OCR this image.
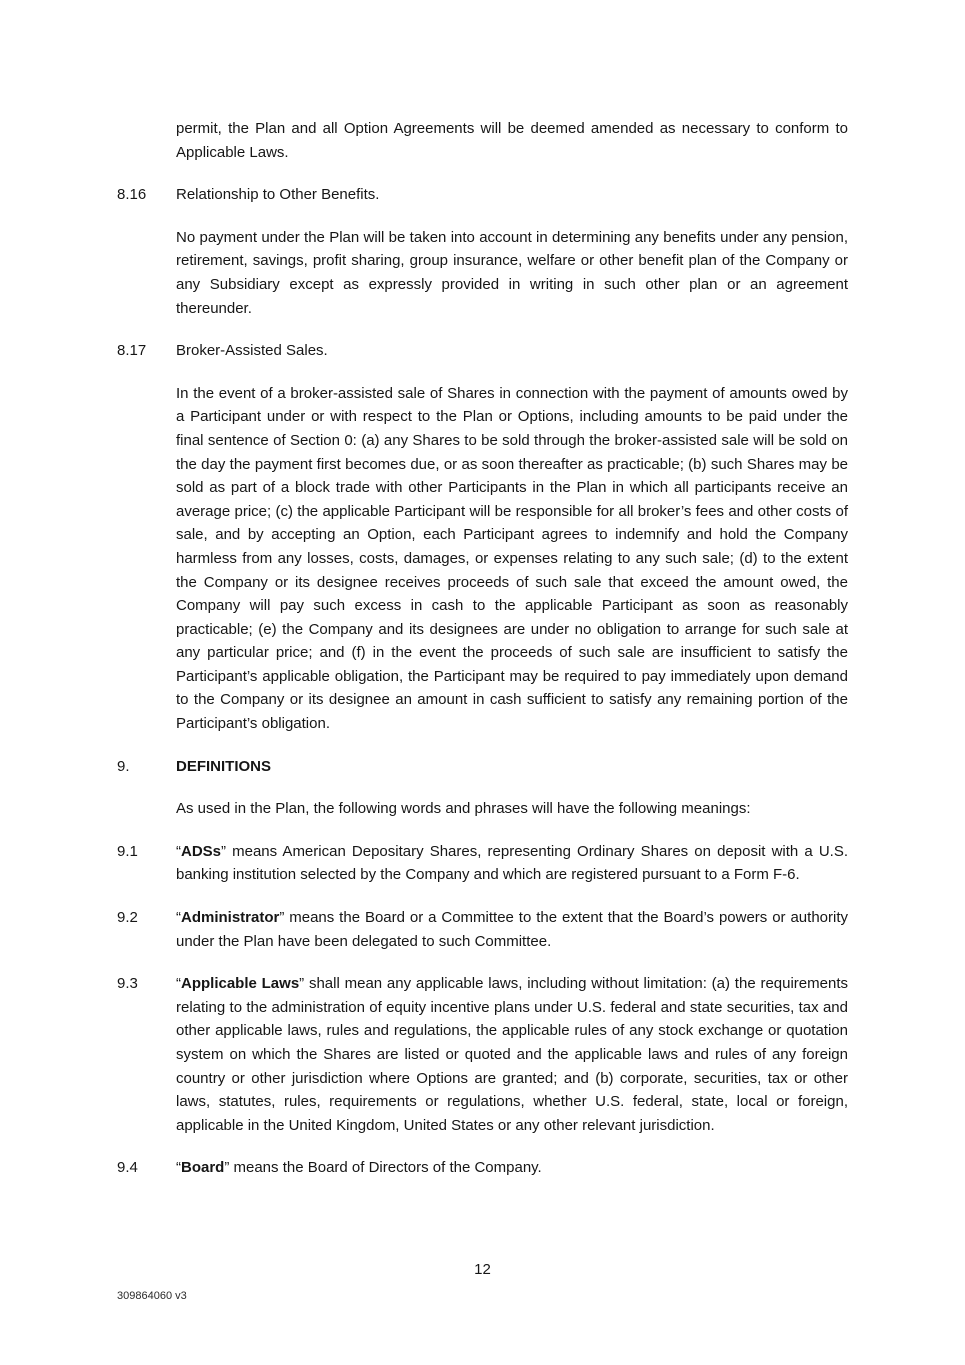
permit, the Plan and all Option Agreements will be deemed amended as necessary to conform to Applicable Laws.
8.16	Relationship to Other Benefits.
No payment under the Plan will be taken into account in determining any benefits under any pension, retirement, savings, profit sharing, group insurance, welfare or other benefit plan of the Company or any Subsidiary except as expressly provided in writing in such other plan or an agreement thereunder.
8.17	Broker-Assisted Sales.
In the event of a broker-assisted sale of Shares in connection with the payment of amounts owed by a Participant under or with respect to the Plan or Options, including amounts to be paid under the final sentence of Section 0: (a) any Shares to be sold through the broker-assisted sale will be sold on the day the payment first becomes due, or as soon thereafter as practicable; (b) such Shares may be sold as part of a block trade with other Participants in the Plan in which all participants receive an average price; (c) the applicable Participant will be responsible for all broker’s fees and other costs of sale, and by accepting an Option, each Participant agrees to indemnify and hold the Company harmless from any losses, costs, damages, or expenses relating to any such sale; (d) to the extent the Company or its designee receives proceeds of such sale that exceed the amount owed, the Company will pay such excess in cash to the applicable Participant as soon as reasonably practicable; (e) the Company and its designees are under no obligation to arrange for such sale at any particular price; and (f) in the event the proceeds of such sale are insufficient to satisfy the Participant’s applicable obligation, the Participant may be required to pay immediately upon demand to the Company or its designee an amount in cash sufficient to satisfy any remaining portion of the Participant’s obligation.
9.	DEFINITIONS
As used in the Plan, the following words and phrases will have the following meanings:
9.1	“ADSs” means American Depositary Shares, representing Ordinary Shares on deposit with a U.S. banking institution selected by the Company and which are registered pursuant to a Form F-6.
9.2	“Administrator” means the Board or a Committee to the extent that the Board’s powers or authority under the Plan have been delegated to such Committee.
9.3	“Applicable Laws” shall mean any applicable laws, including without limitation: (a) the requirements relating to the administration of equity incentive plans under U.S. federal and state securities, tax and other applicable laws, rules and regulations, the applicable rules of any stock exchange or quotation system on which the Shares are listed or quoted and the applicable laws and rules of any foreign country or other jurisdiction where Options are granted; and (b) corporate, securities, tax or other laws, statutes, rules, requirements or regulations, whether U.S. federal, state, local or foreign, applicable in the United Kingdom, United States or any other relevant jurisdiction.
9.4	“Board” means the Board of Directors of the Company.
12
309864060 v3
